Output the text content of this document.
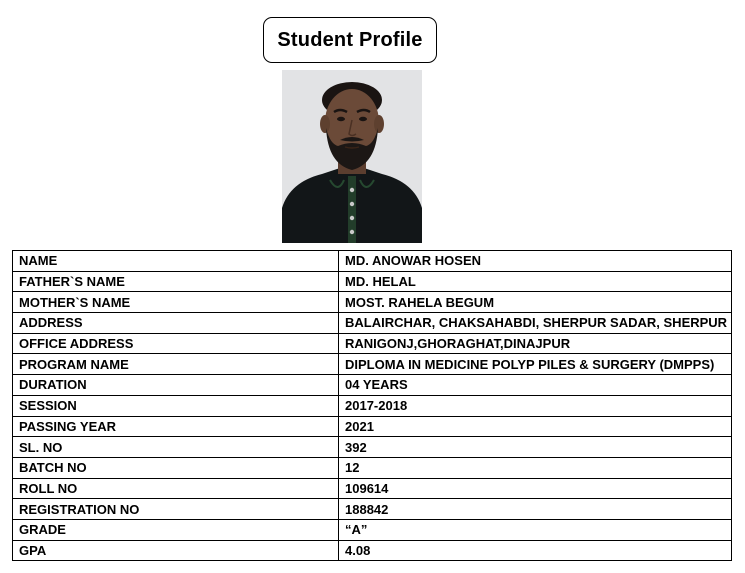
Student Profile
NAME	MD. ANOWAR HOSEN
FATHER`S NAME	MD. HELAL
MOTHER`S NAME	MOST. RAHELA BEGUM
ADDRESS	BALAIRCHAR, CHAKSAHABDI, SHERPUR SADAR, SHERPUR
OFFICE ADDRESS	RANIGONJ,GHORAGHAT,DINAJPUR
PROGRAM NAME	DIPLOMA IN MEDICINE POLYP PILES & SURGERY (DMPPS)
DURATION	04 YEARS
SESSION	2017-2018
PASSING YEAR	2021
SL. NO	392
BATCH NO	12
ROLL NO	109614
REGISTRATION NO	188842
GRADE	“A”
GPA	4.08
